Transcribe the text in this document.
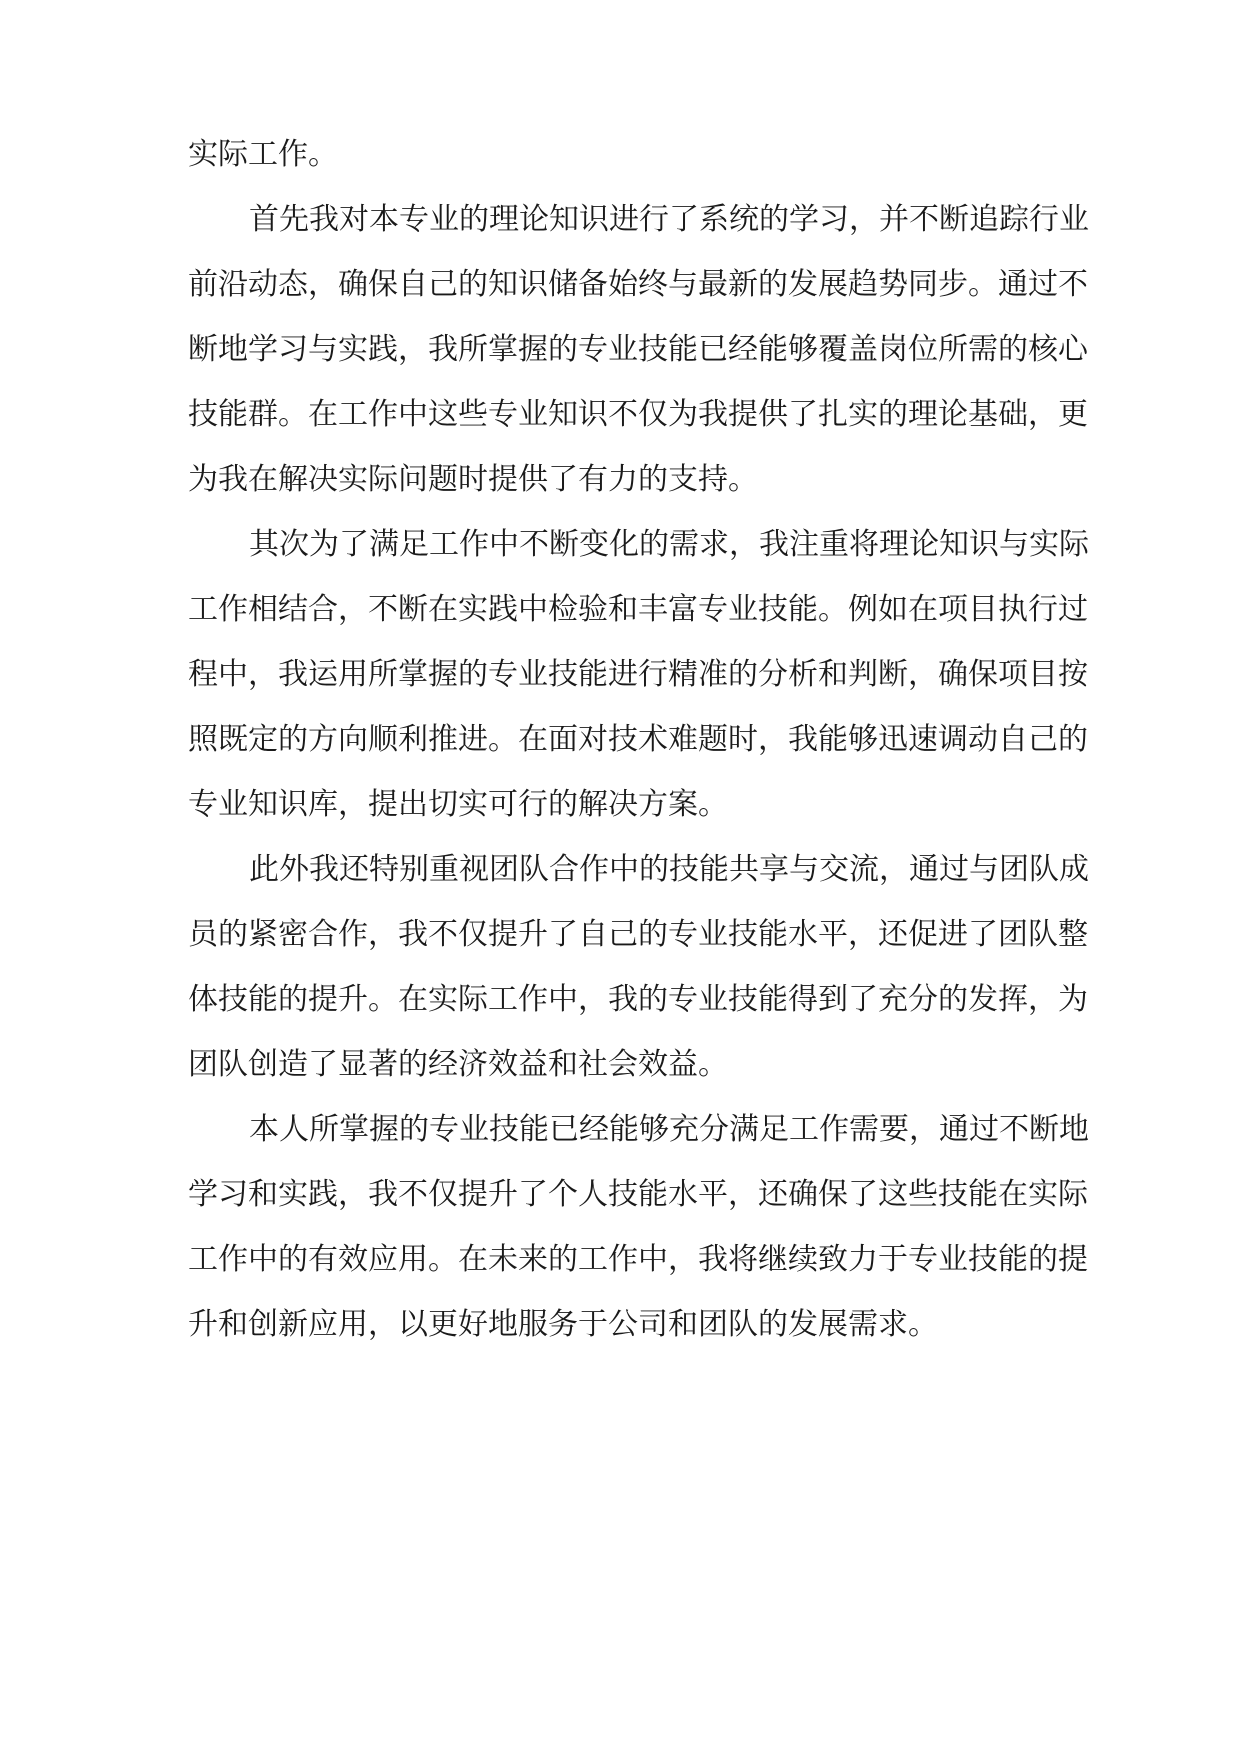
实际工作。
首先我对本专业的理论知识进行了系统的学习，并不断追踪行业
前沿动态，确保自己的知识储备始终与最新的发展趋势同步。通过不
断地学习与实践，我所掌握的专业技能已经能够覆盖岗位所需的核心
技能群。在工作中这些专业知识不仅为我提供了扎实的理论基础，更
为我在解决实际问题时提供了有力的支持。
其次为了满足工作中不断变化的需求，我注重将理论知识与实际
工作相结合，不断在实践中检验和丰富专业技能。例如在项目执行过
程中，我运用所掌握的专业技能进行精准的分析和判断，确保项目按
照既定的方向顺利推进。在面对技术难题时，我能够迅速调动自己的
专业知识库，提出切实可行的解决方案。
此外我还特别重视团队合作中的技能共享与交流，通过与团队成
员的紧密合作，我不仅提升了自己的专业技能水平，还促进了团队整
体技能的提升。在实际工作中，我的专业技能得到了充分的发挥，为
团队创造了显著的经济效益和社会效益。
本人所掌握的专业技能已经能够充分满足工作需要，通过不断地
学习和实践，我不仅提升了个人技能水平，还确保了这些技能在实际
工作中的有效应用。在未来的工作中，我将继续致力于专业技能的提
升和创新应用，以更好地服务于公司和团队的发展需求。
